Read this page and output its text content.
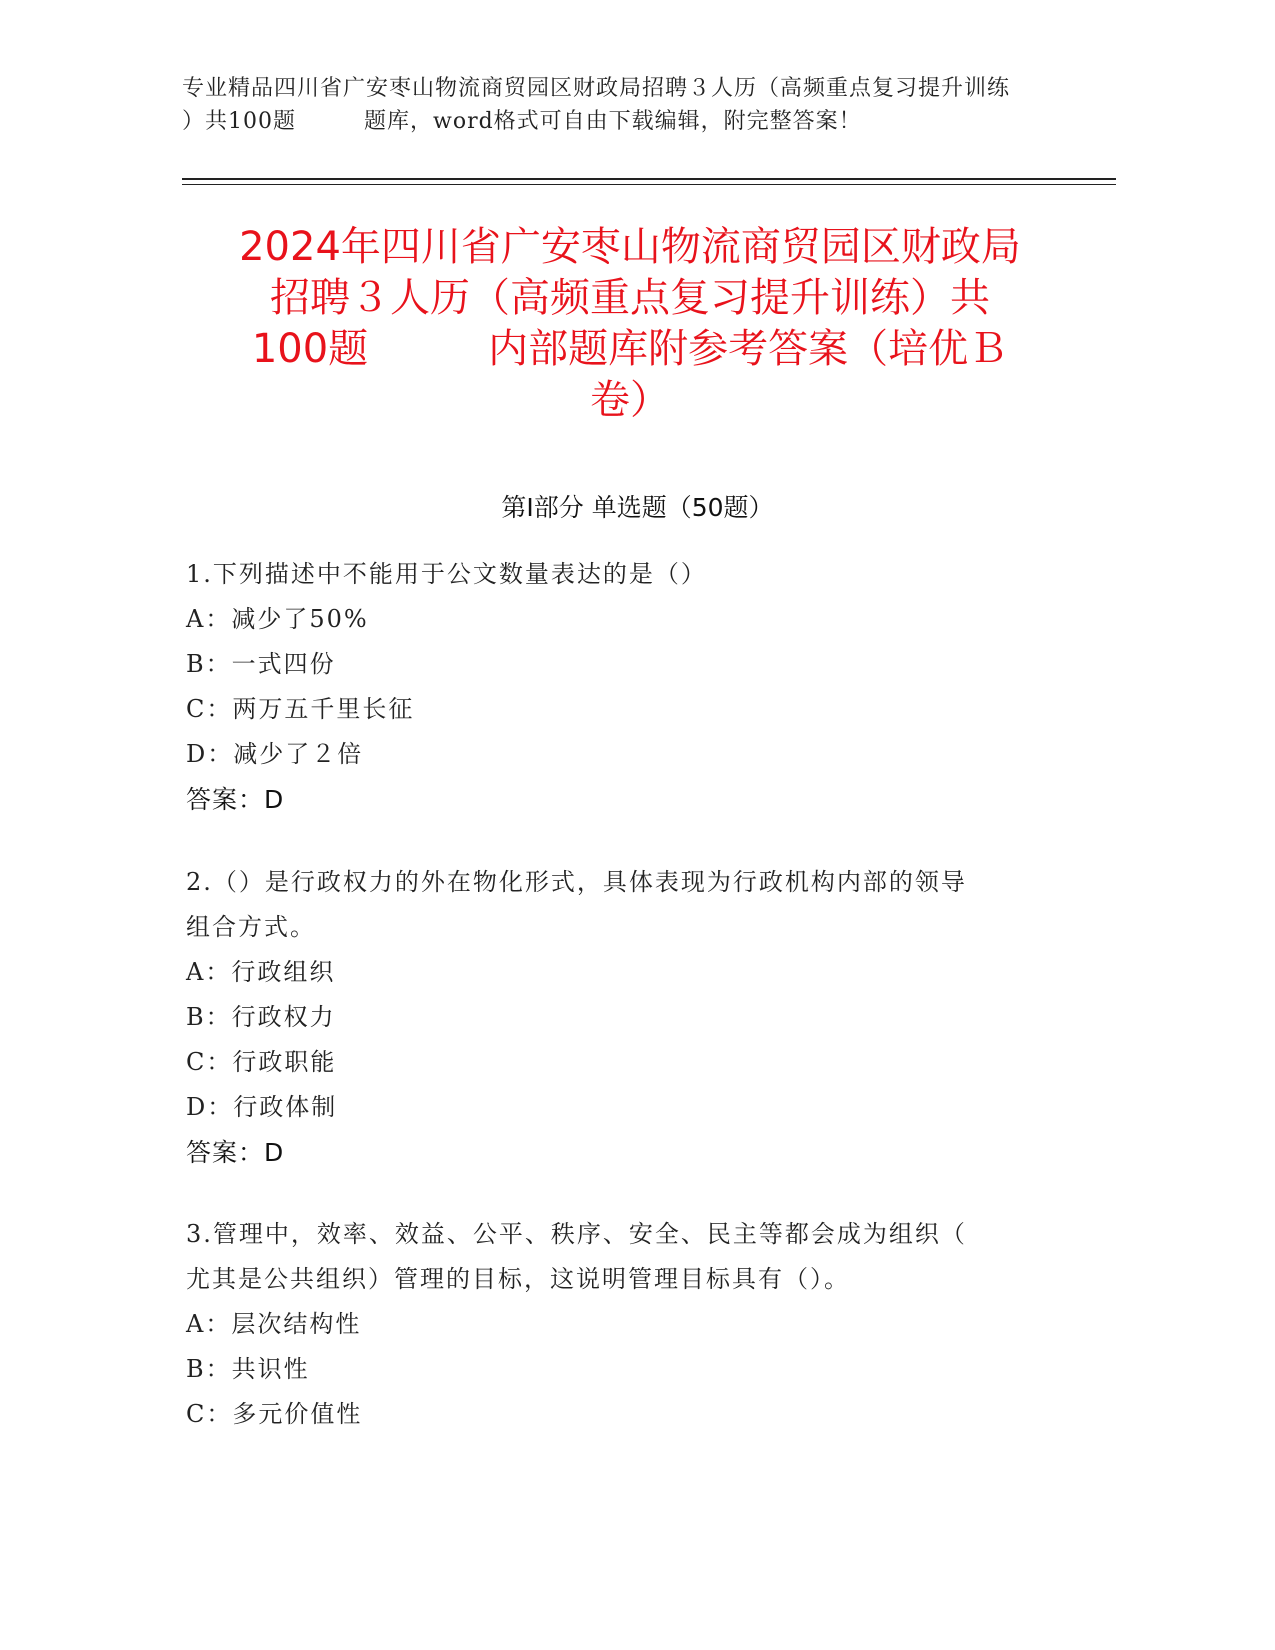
专业精品四川省广安枣山物流商贸园区财政局招聘３人历（高频重点复习提升训练
）共100题	题库，word格式可自由下载编辑，附完整答案！
2024年四川省广安枣山物流商贸园区财政局
招聘３人历（高频重点复习提升训练）共
100题	内部题库附参考答案（培优Ｂ
卷）
第Ⅰ部分 单选题（50题）
1.下列描述中不能用于公文数量表达的是（）
A：减少了50%
B：一式四份
C：两万五千里长征
D：减少了２倍
答案：D
2.（）是行政权力的外在物化形式，具体表现为行政机构内部的领导
组合方式。
A：行政组织
B：行政权力
C：行政职能
D：行政体制
答案：D
3.管理中，效率、效益、公平、秩序、安全、民主等都会成为组织（
尤其是公共组织）管理的目标，这说明管理目标具有（）。
A：层次结构性
B：共识性
C：多元价值性
